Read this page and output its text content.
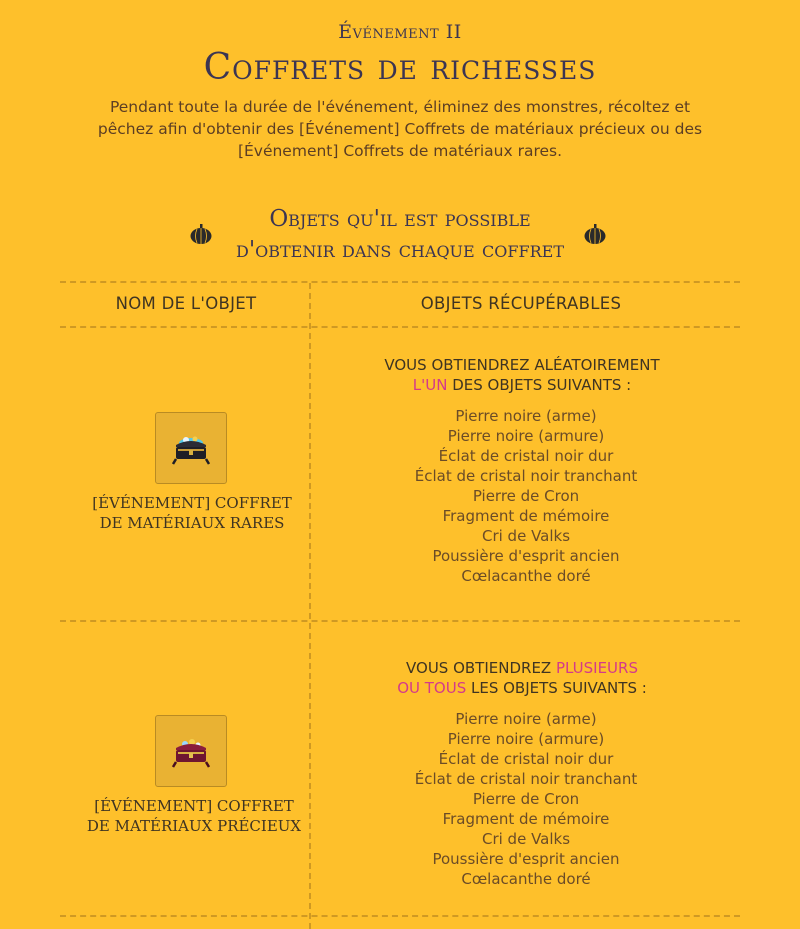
Événement II
Coffrets de richesses
Pendant toute la durée de l'événement, éliminez des monstres, récoltez et pêchez afin d'obtenir des [Événement] Coffrets de matériaux précieux ou des [Événement] Coffrets de matériaux rares.
Objets qu'il est possible
d'obtenir dans chaque coffret
NOM DE L'OBJET	OBJETS RÉCUPÉRABLES
[ÉVÉNEMENT] COFFRET
DE MATÉRIAUX RARES
VOUS OBTIENDREZ ALÉATOIREMENT
L'UN DES OBJETS SUIVANTS :
Pierre noire (arme)
Pierre noire (armure)
Éclat de cristal noir dur
Éclat de cristal noir tranchant
Pierre de Cron
Fragment de mémoire
Cri de Valks
Poussière d'esprit ancien
Cœlacanthe doré
[ÉVÉNEMENT] COFFRET
DE MATÉRIAUX PRÉCIEUX
VOUS OBTIENDREZ PLUSIEURS
OU TOUS LES OBJETS SUIVANTS :
Pierre noire (arme)
Pierre noire (armure)
Éclat de cristal noir dur
Éclat de cristal noir tranchant
Pierre de Cron
Fragment de mémoire
Cri de Valks
Poussière d'esprit ancien
Cœlacanthe doré
